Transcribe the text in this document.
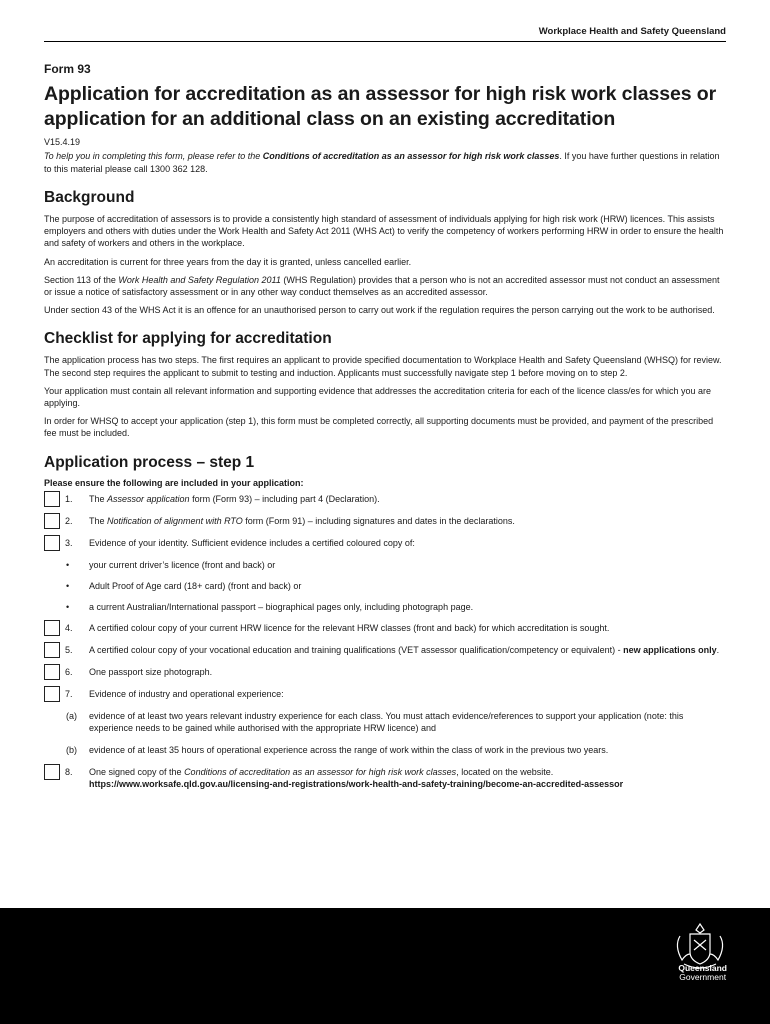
Workplace Health and Safety Queensland
Form 93
Application for accreditation as an assessor for high risk work classes or application for an additional class on an existing accreditation
V15.4.19

To help you in completing this form, please refer to the Conditions of accreditation as an assessor for high risk work classes. If you have further questions in relation to this material please call 1300 362 128.

Background

The purpose of accreditation of assessors is to provide a consistently high standard of assessment of individuals applying for high risk work (HRW) licences. This assists employers and others with duties under the Work Health and Safety Act 2011 (WHS Act) to verify the competency of workers performing HRW in order to ensure the health and safety of workers and others in the workplace.

An accreditation is current for three years from the day it is granted, unless cancelled earlier.

Section 113 of the Work Health and Safety Regulation 2011 (WHS Regulation) provides that a person who is not an accredited assessor must not conduct an assessment or issue a notice of satisfactory assessment or in any other way conduct themselves as an accredited assessor.

Under section 43 of the WHS Act it is an offence for an unauthorised person to carry out work if the regulation requires the person carrying out the work to be authorised.

Checklist for applying for accreditation

The application process has two steps. The first requires an applicant to provide specified documentation to Workplace Health and Safety Queensland (WHSQ) for review. The second step requires the applicant to submit to testing and induction. Applicants must successfully navigate step 1 before moving on to step 2.

Your application must contain all relevant information and supporting evidence that addresses the accreditation criteria for each of the licence class/es for which you are applying.

In order for WHSQ to accept your application (step 1), this form must be completed correctly, all supporting documents must be provided, and payment of the prescribed fee must be included.

Application process – step 1
Please ensure the following are included in your application:
1. The Assessor application form (Form 93) – including part 4 (Declaration).
2. The Notification of alignment with RTO form (Form 91) – including signatures and dates in the declarations.
3. Evidence of your identity. Sufficient evidence includes a certified coloured copy of:
• your current driver’s licence (front and back) or
• Adult Proof of Age card (18+ card) (front and back) or
• a current Australian/International passport – biographical pages only, including photograph page.
4. A certified colour copy of your current HRW licence for the relevant HRW classes (front and back) for which accreditation is sought.
5. A certified colour copy of your vocational education and training qualifications (VET assessor qualification/competency or equivalent) - new applications only.
6. One passport size photograph.
7. Evidence of industry and operational experience:
(a) evidence of at least two years relevant industry experience for each class. You must attach evidence/references to support your application (note: this experience needs to be gained while authorised with the appropriate HRW licence) and
(b) evidence of at least 35 hours of operational experience across the range of work within the class of work in the previous two years.
8. One signed copy of the Conditions of accreditation as an assessor for high risk work classes, located on the website.
https://www.worksafe.qld.gov.au/licensing-and-registrations/work-health-and-safety-training/become-an-accredited-assessor
Queensland
Government
